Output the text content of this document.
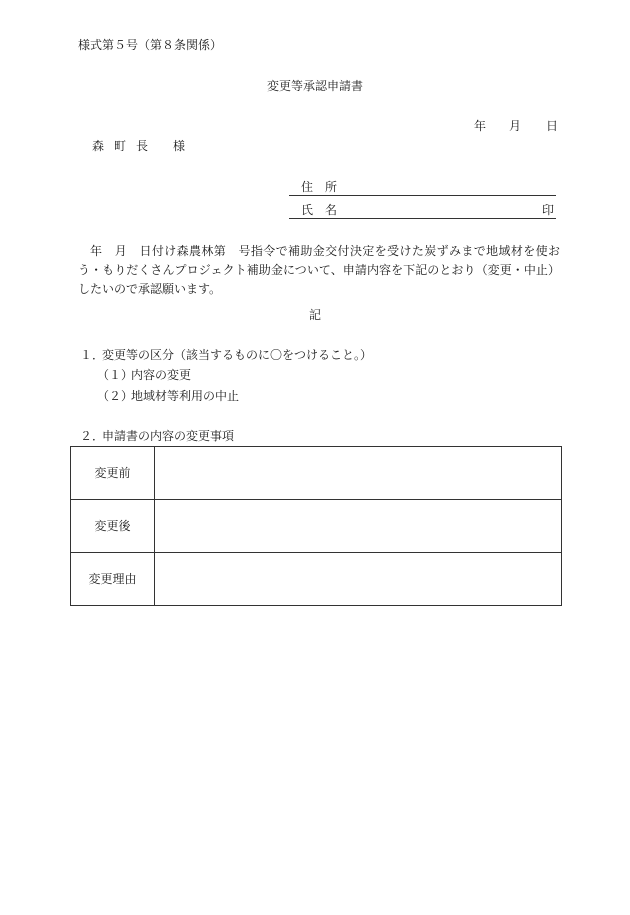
様式第５号（第８条関係）
変更等承認申請書
年 月 日
森 町 長 様
住 所
氏 名	印
年　月　日付け森農林第　号指令で補助金交付決定を受けた炭ずみまで地域材を使おう・もりだくさんプロジェクト補助金について、申請内容を下記のとおり（変更・中止）したいので承認願います。
記
１．変更等の区分（該当するものに〇をつけること。）
（１）内容の変更
（２）地域材等利用の中止
２．申請書の内容の変更事項
変更前	
変更後	
変更理由	
